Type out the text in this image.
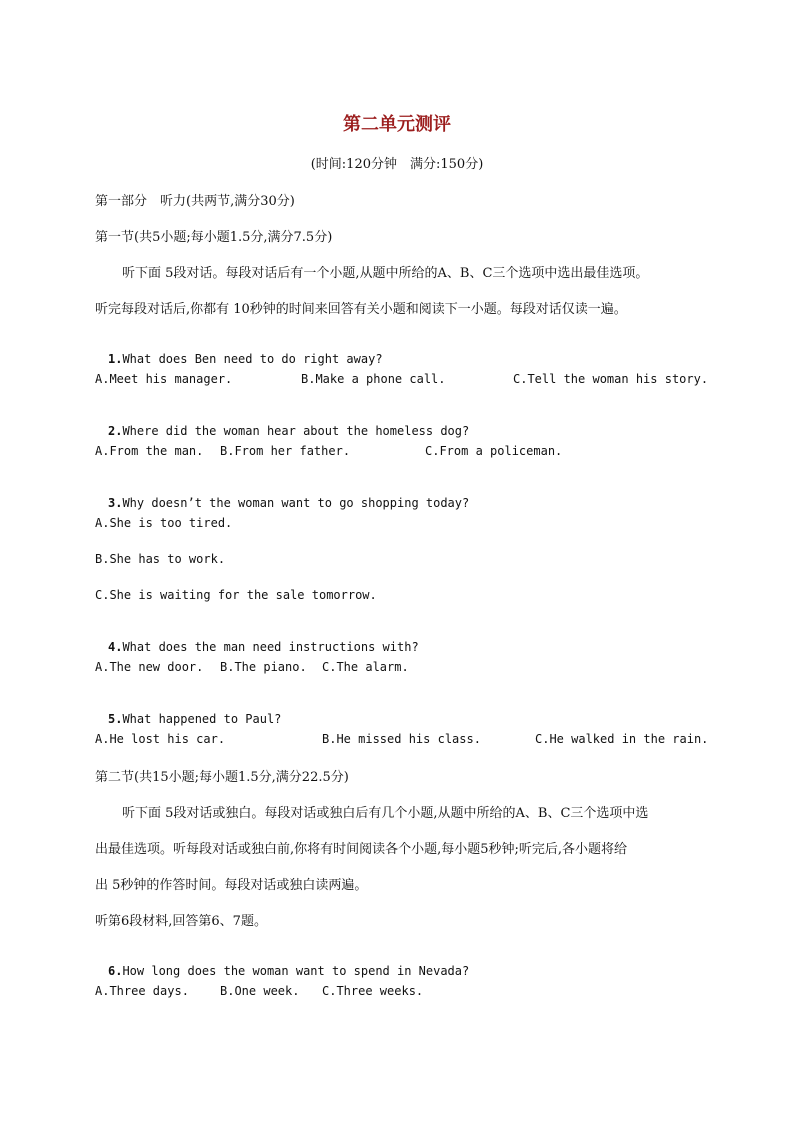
第二单元测评
(时间:120分钟　满分:150分)
第一部分　听力(共两节,满分30分)
第一节(共5小题;每小题1.5分,满分7.5分)
听下面 5段对话。每段对话后有一个小题,从题中所给的A、B、C三个选项中选出最佳选项。
听完每段对话后,你都有 10秒钟的时间来回答有关小题和阅读下一小题。每段对话仅读一遍。

1.What does Ben need to do right away?

A.Meet his manager.	B.Make a phone call.	C.Tell the woman his story.

2.Where did the woman hear about the homeless dog?

A.From the man. B.From her father.	C.From a policeman.

3.Why doesn’t the woman want to go shopping today?

A.She is too tired.
B.She has to work.
C.She is waiting for the sale tomorrow.

4.What does the man need instructions with?

A.The new door. B.The piano. C.The alarm.

5.What happened to Paul?

A.He lost his car.	B.He missed his class.	C.He walked in the rain.
第二节(共15小题;每小题1.5分,满分22.5分)
听下面 5段对话或独白。每段对话或独白后有几个小题,从题中所给的A、B、C三个选项中选
出最佳选项。听每段对话或独白前,你将有时间阅读各个小题,每小题5秒钟;听完后,各小题将给
出 5秒钟的作答时间。每段对话或独白读两遍。
听第6段材料,回答第6、7题。

6.How long does the woman want to spend in Nevada?

A.Three days.	B.One week. C.Three weeks.
